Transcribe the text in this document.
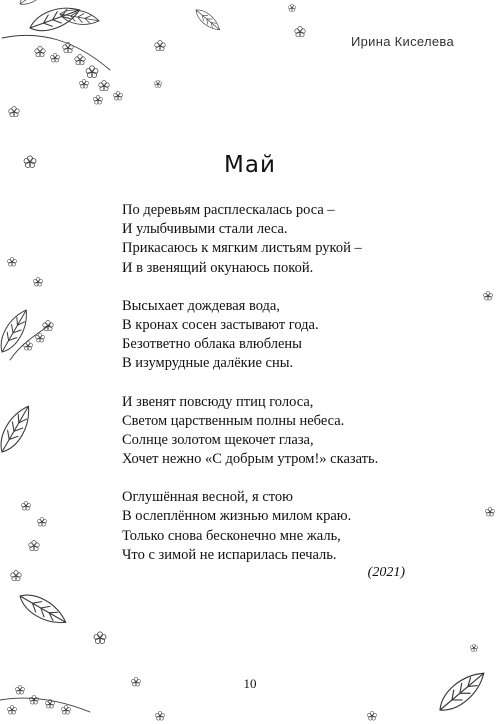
Ирина Киселева
Май
По деревьям расплескалась роса –
И улыбчивыми стали леса.
Прикасаюсь к мягким листьям рукой –
И в звенящий окунаюсь покой.
Высыхает дождевая вода,
В кронах сосен застывают года.
Безответно облака влюблены
В изумрудные далёкие сны.
И звенят повсюду птиц голоса,
Светом царственным полны небеса.
Солнце золотом щекочет глаза,
Хочет нежно «С добрым утром!» сказать.
Оглушённая весной, я стою
В ослеплённом жизнью милом краю.
Только снова бесконечно мне жаль,
Что с зимой не испарилась печаль.
(2021)
10
